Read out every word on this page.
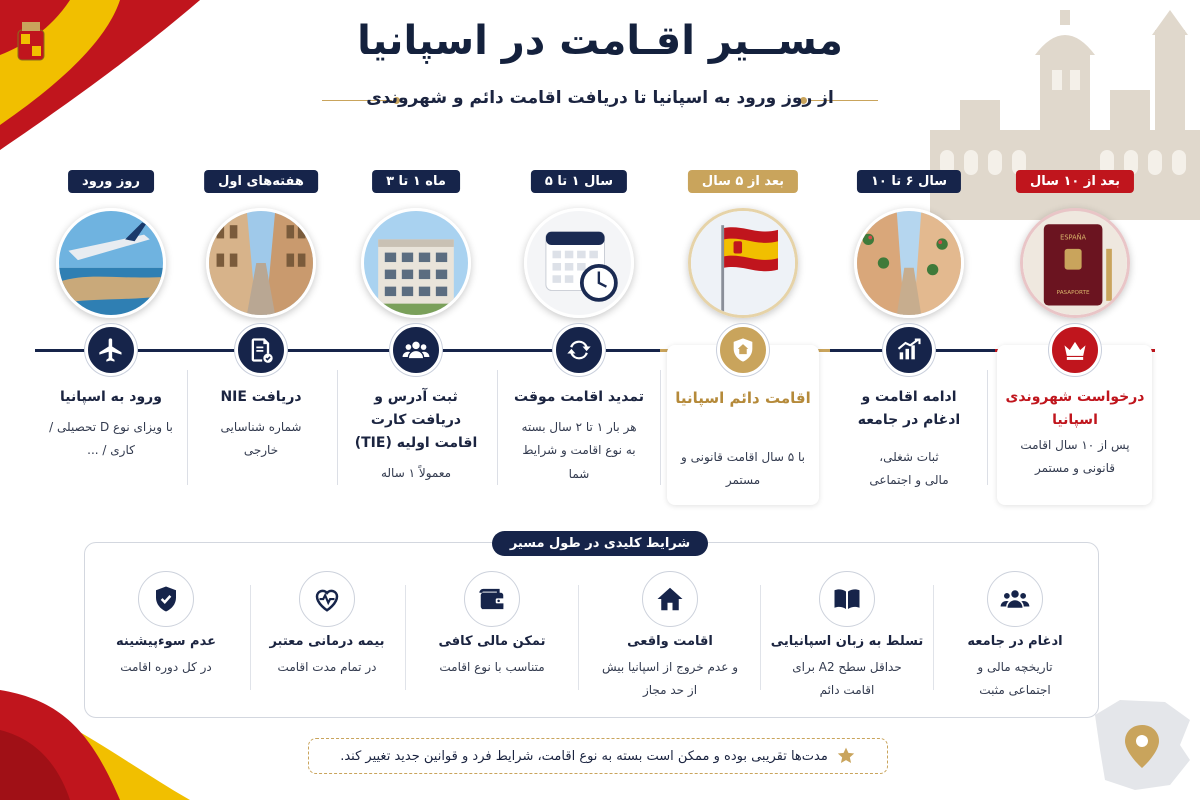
مســیر اقـامت در اسپانیا
از روز ورود به اسپانیا تا دریافت اقامت دائم و شهروندی
روز ورود
ورود به اسپانیا
با ویزای نوع D تحصیلی / کاری / ...
هفته‌های اول
دریافت NIE
شماره شناسایی خارجی
ماه ۱ تا ۳
ثبت آدرس و دریافت کارت اقامت اولیه (TIE)
معمولاً ۱ ساله
سال ۱ تا ۵
تمدید اقامت موقت
هر بار ۱ تا ۲ سال بسته به نوع اقامت و شرایط شما
بعد از ۵ سال
اقامت دائم اسپانیا
با ۵ سال اقامت قانونی و مستمر
سال ۶ تا ۱۰
ادامه اقامت و ادغام در جامعه
ثبات شغلی، مالی و اجتماعی
بعد از ۱۰ سال
ESPAÑA
PASAPORTE
درخواست شهروندی اسپانیا
پس از ۱۰ سال اقامت قانونی و مستمر
شرایط کلیدی در طول مسیر
ادغام در جامعه
تاریخچه مالی و اجتماعی مثبت
تسلط به زبان اسپانیایی
حداقل سطح A2 برای اقامت دائم
اقامت واقعی
و عدم خروج از اسپانیا بیش از حد مجاز
تمکن مالی کافی
متناسب با نوع اقامت
بیمه درمانی معتبر
در تمام مدت اقامت
عدم سوءپیشینه
در کل دوره اقامت
مدت‌ها تقریبی بوده و ممکن است بسته به نوع اقامت، شرایط فرد و قوانین جدید تغییر کند.
